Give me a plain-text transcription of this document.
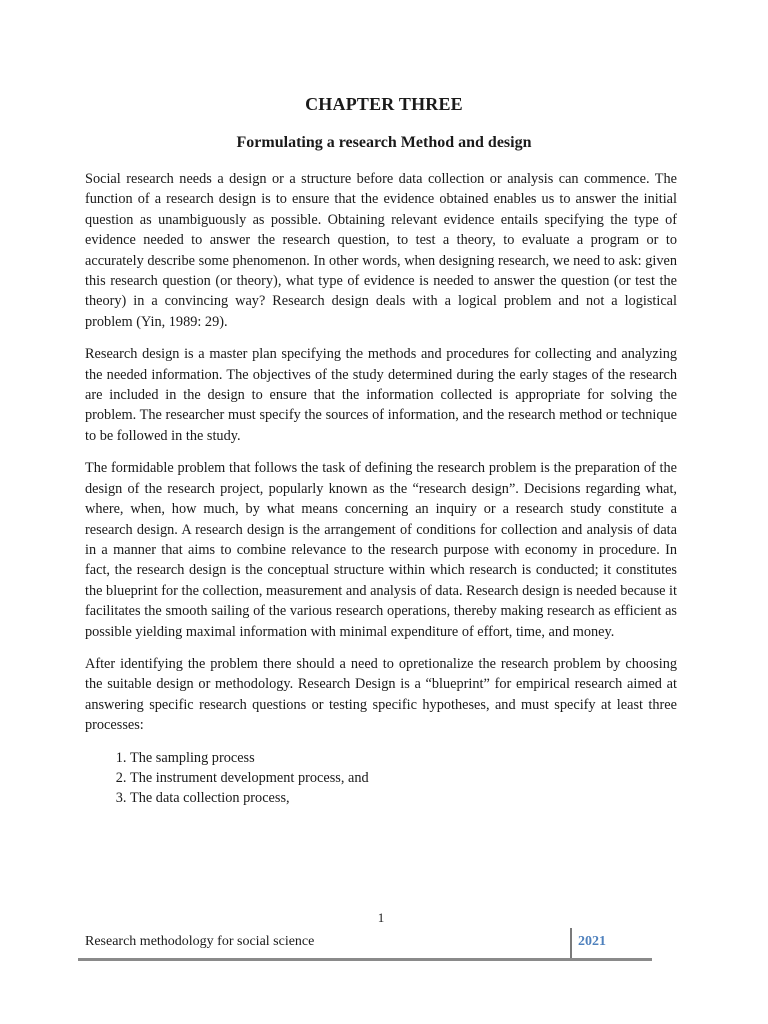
CHAPTER THREE
Formulating a research Method and design

Social research needs a design or a structure before data collection or analysis can commence. The function of a research design is to ensure that the evidence obtained enables us to answer the initial question as unambiguously as possible. Obtaining relevant evidence entails specifying the type of evidence needed to answer the research question, to test a theory, to evaluate a program or to accurately describe some phenomenon. In other words, when designing research, we need to ask: given this research question (or theory), what type of evidence is needed to answer the question (or test the theory) in a convincing way? Research design deals with a logical problem and not a logistical problem (Yin, 1989: 29).

Research design is a master plan specifying the methods and procedures for collecting and analyzing the needed information. The objectives of the study determined during the early stages of the research are included in the design to ensure that the information collected is appropriate for solving the problem. The researcher must specify the sources of information, and the research method or technique to be followed in the study.

The formidable problem that follows the task of defining the research problem is the preparation of the design of the research project, popularly known as the “research design”. Decisions regarding what, where, when, how much, by what means concerning an inquiry or a research study constitute a research design. A research design is the arrangement of conditions for collection and analysis of data in a manner that aims to combine relevance to the research purpose with economy in procedure. In fact, the research design is the conceptual structure within which research is conducted; it constitutes the blueprint for the collection, measurement and analysis of data. Research design is needed because it facilitates the smooth sailing of the various research operations, thereby making research as efficient as possible yielding maximal information with minimal expenditure of effort, time, and money.

After identifying the problem there should a need to opretionalize the research problem by choosing the suitable design or methodology. Research Design is a “blueprint” for empirical research aimed at answering specific research questions or testing specific hypotheses, and must specify at least three processes:

1. The sampling process
2. The instrument development process, and
3. The data collection process,
1
Research methodology for social science	2021
